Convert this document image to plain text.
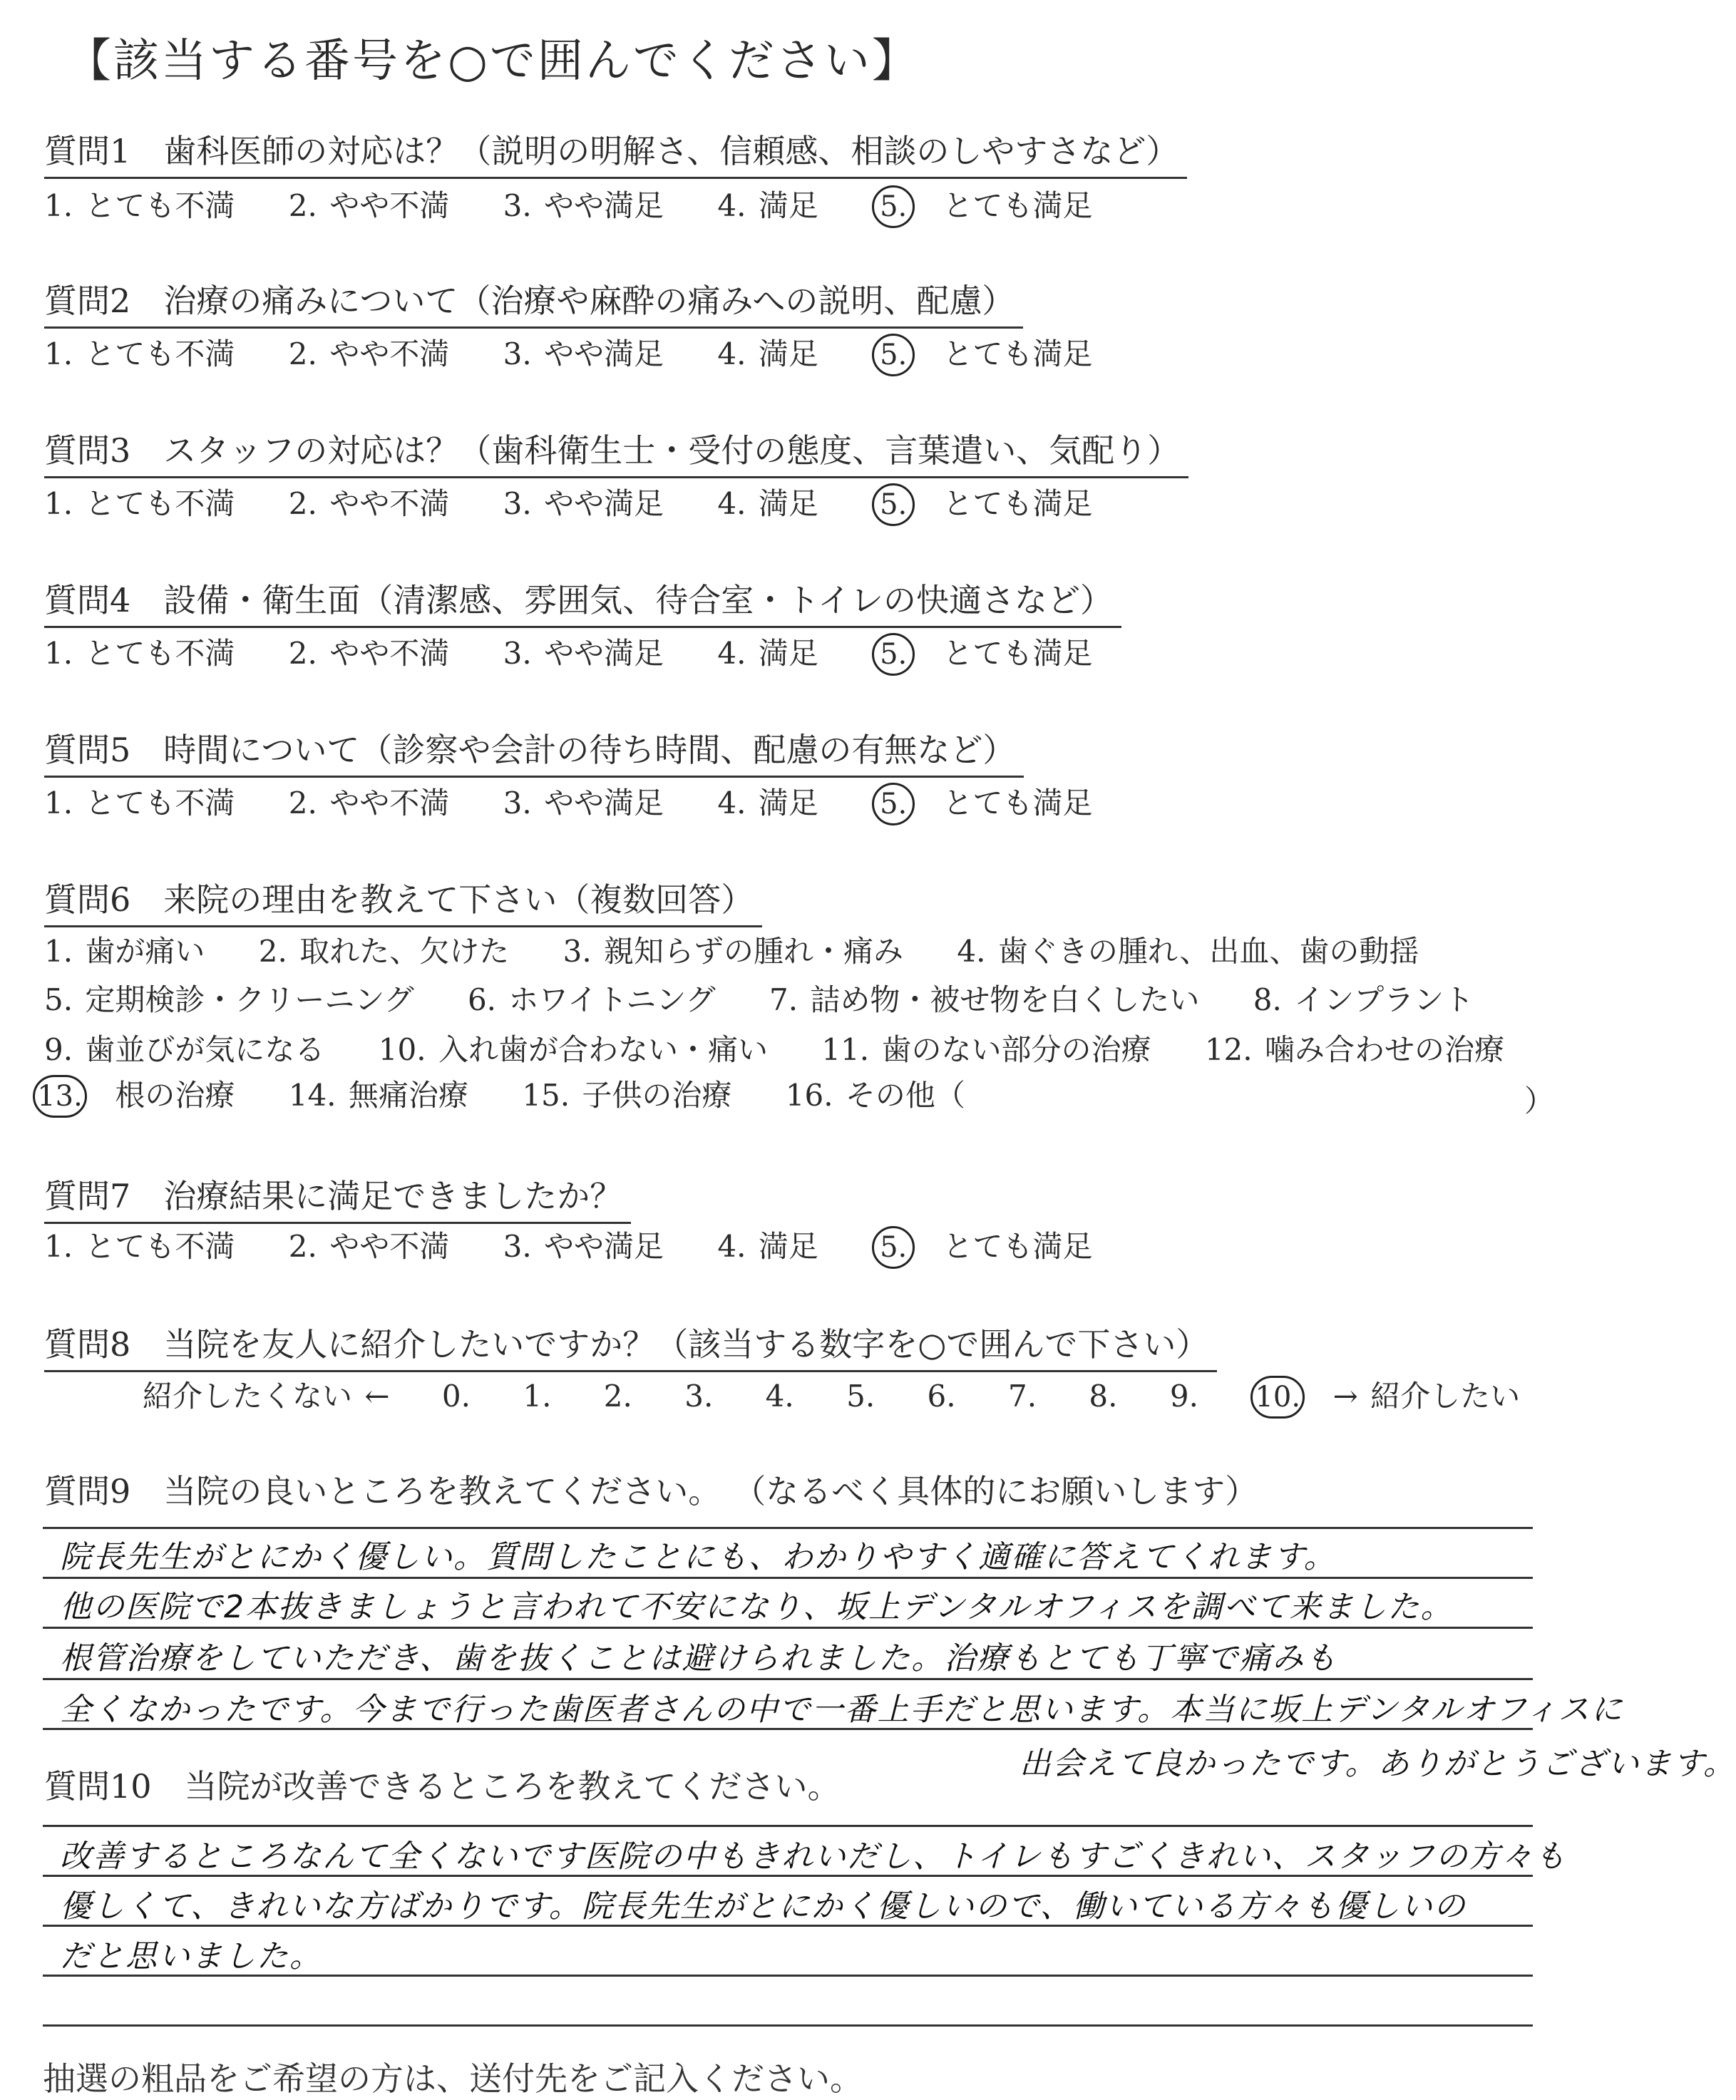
【該当する番号を○で囲んでください】
質問1　歯科医師の対応は？（説明の明解さ、信頼感、相談のしやすさなど）
1. とても不満 2. やや不満 3. やや満足 4. 満足 5. とても満足
質問2　治療の痛みについて（治療や麻酔の痛みへの説明、配慮）
1. とても不満 2. やや不満 3. やや満足 4. 満足 5. とても満足
質問3　スタッフの対応は？（歯科衛生士・受付の態度、言葉遣い、気配り）
1. とても不満 2. やや不満 3. やや満足 4. 満足 5. とても満足
質問4　設備・衛生面（清潔感、雰囲気、待合室・トイレの快適さなど）
1. とても不満 2. やや不満 3. やや満足 4. 満足 5. とても満足
質問5　時間について（診察や会計の待ち時間、配慮の有無など）
1. とても不満 2. やや不満 3. やや満足 4. 満足 5. とても満足
質問6　来院の理由を教えて下さい（複数回答）
1. 歯が痛い 2. 取れた、欠けた 3. 親知らずの腫れ・痛み 4. 歯ぐきの腫れ、出血、歯の動揺
5. 定期検診・クリーニング 6. ホワイトニング 7. 詰め物・被せ物を白くしたい 8. インプラント
9. 歯並びが気になる 10. 入れ歯が合わない・痛い 11. 歯のない部分の治療 12. 噛み合わせの治療
13. 根の治療 14. 無痛治療 15. 子供の治療 16. その他（	）
質問7　治療結果に満足できましたか？
1. とても不満 2. やや不満 3. やや満足 4. 満足 5. とても満足
質問8　当院を友人に紹介したいですか？（該当する数字を○で囲んで下さい）
紹介したくない ← 0. 1. 2. 3. 4. 5. 6. 7. 8. 9. 10. → 紹介したい
質問9　当院の良いところを教えてください。 （なるべく具体的にお願いします）
院長先生がとにかく優しい。質問したことにも、わかりやすく適確に答えてくれます。
他の医院で2本抜きましょうと言われて不安になり、坂上デンタルオフィスを調べて来ました。
根管治療をしていただき、歯を抜くことは避けられました。治療もとても丁寧で痛みも
全くなかったです。今まで行った歯医者さんの中で一番上手だと思います。本当に坂上デンタルオフィスに
質問10　当院が改善できるところを教えてください。
出会えて良かったです。ありがとうございます。
改善するところなんて全くないです医院の中もきれいだし、トイレもすごくきれい、スタッフの方々も
優しくて、きれいな方ばかりです。院長先生がとにかく優しいので、働いている方々も優しいの
だと思いました。
抽選の粗品をご希望の方は、送付先をご記入ください。
